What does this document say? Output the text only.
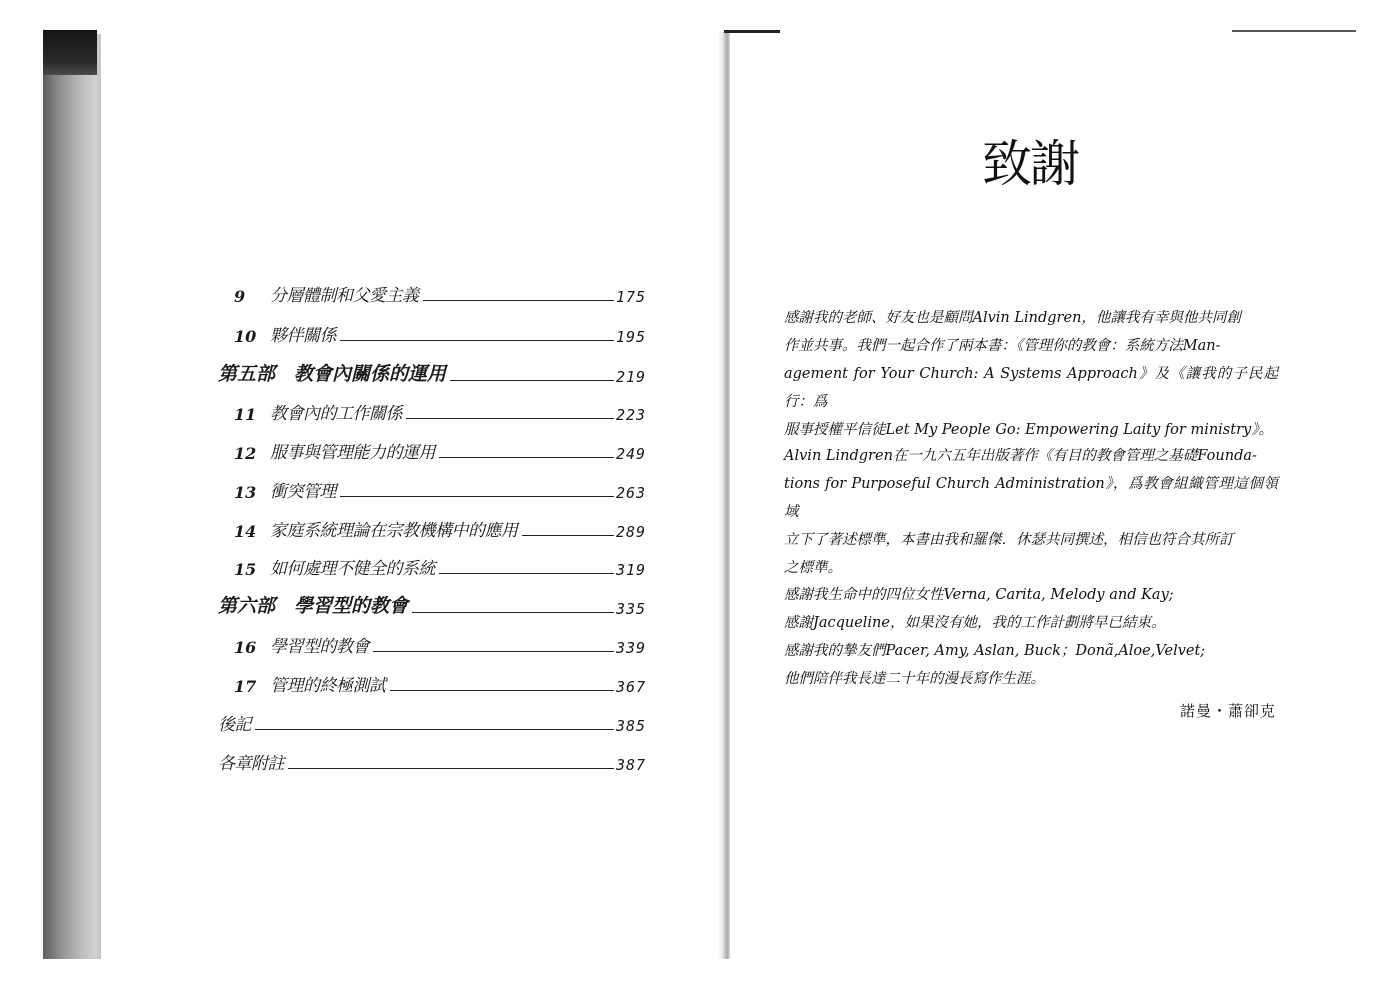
9	分層體制和父愛主義	175
10 夥伴關係	195
第五部　教會內關係的運用	219
11 教會內的工作關係	223
12 服事與管理能力的運用	249
13 衝突管理	263
14 家庭系統理論在宗教機構中的應用	289
15 如何處理不健全的系統	319
第六部　學習型的教會	335
16 學習型的教會	339
17 管理的終極測試	367
後記	385
各章附註	387
致謝

感謝我的老師、好友也是顧問Alvin Lindgren，他讓我有幸與他共同創

作並共事。我們一起合作了兩本書：《管理你的教會：系統方法Man-

agement for Your Church: A Systems Approach》及《讓我的子民起行：爲

服事授權平信徒Let My People Go: Empowering Laity for ministry》。

Alvin Lindgren在一九六五年出版著作《有目的教會管理之基礎Founda-

tions for Purposeful Church Administration》，爲教會組織管理這個領域

立下了著述標準，本書由我和羅傑．休瑟共同撰述，相信也符合其所訂

之標準。

感謝我生命中的四位女性Verna, Carita, Melody and Kay;

感謝Jacqueline，如果沒有她，我的工作計劃將早已結束。

感謝我的摯友們Pacer, Amy, Aslan, Buck；Donã,Aloe,Velvet;

他們陪伴我長達二十年的漫長寫作生涯。

諾曼・蕭卻克
